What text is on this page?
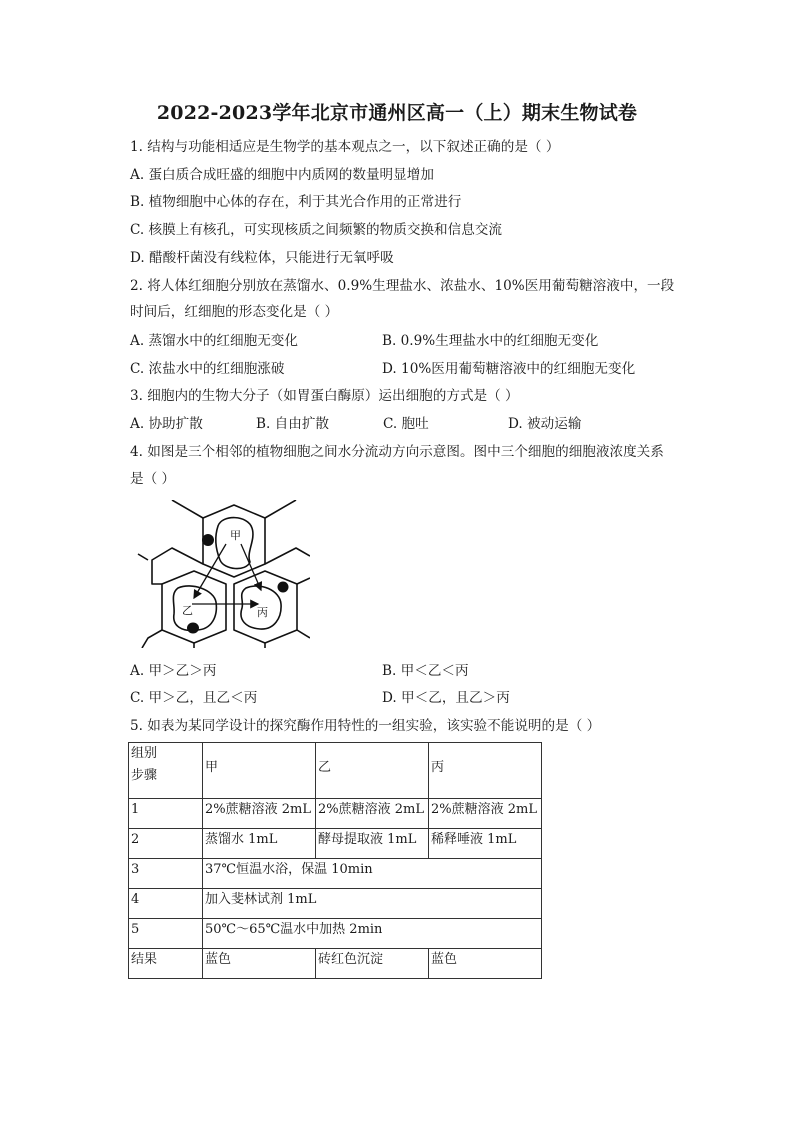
2022-2023学年北京市通州区高一（上）期末生物试卷
1. 结构与功能相适应是生物学的基本观点之一，以下叙述正确的是（ ）
A. 蛋白质合成旺盛的细胞中内质网的数量明显增加
B. 植物细胞中心体的存在，利于其光合作用的正常进行
C. 核膜上有核孔，可实现核质之间频繁的物质交换和信息交流
D. 醋酸杆菌没有线粒体，只能进行无氧呼吸
2. 将人体红细胞分别放在蒸馏水、0.9%生理盐水、浓盐水、10%医用葡萄糖溶液中，一段
时间后，红细胞的形态变化是（ ）
A. 蒸馏水中的红细胞无变化	B. 0.9%生理盐水中的红细胞无变化
C. 浓盐水中的红细胞涨破	D. 10%医用葡萄糖溶液中的红细胞无变化
3. 细胞内的生物大分子（如胃蛋白酶原）运出细胞的方式是（ ）
A. 协助扩散	B. 自由扩散	C. 胞吐	D. 被动运输
4. 如图是三个相邻的植物细胞之间水分流动方向示意图。图中三个细胞的细胞液浓度关系
是（ ）
甲
乙	丙
A. 甲＞乙＞丙	B. 甲＜乙＜丙
C. 甲＞乙，且乙＜丙	D. 甲＜乙，且乙＞丙
5. 如表为某同学设计的探究酶作用特性的一组实验，该实验不能说明的是（ ）
组别
步骤	甲	乙	丙
1	2%蔗糖溶液 2mL	2%蔗糖溶液 2mL	2%蔗糖溶液 2mL
2	蒸馏水 1mL	酵母提取液 1mL	稀释唾液 1mL
3	37℃恒温水浴，保温 10min		
4	加入斐林试剂 1mL		
5	50℃～65℃温水中加热 2min		
结果	蓝色	砖红色沉淀	蓝色
